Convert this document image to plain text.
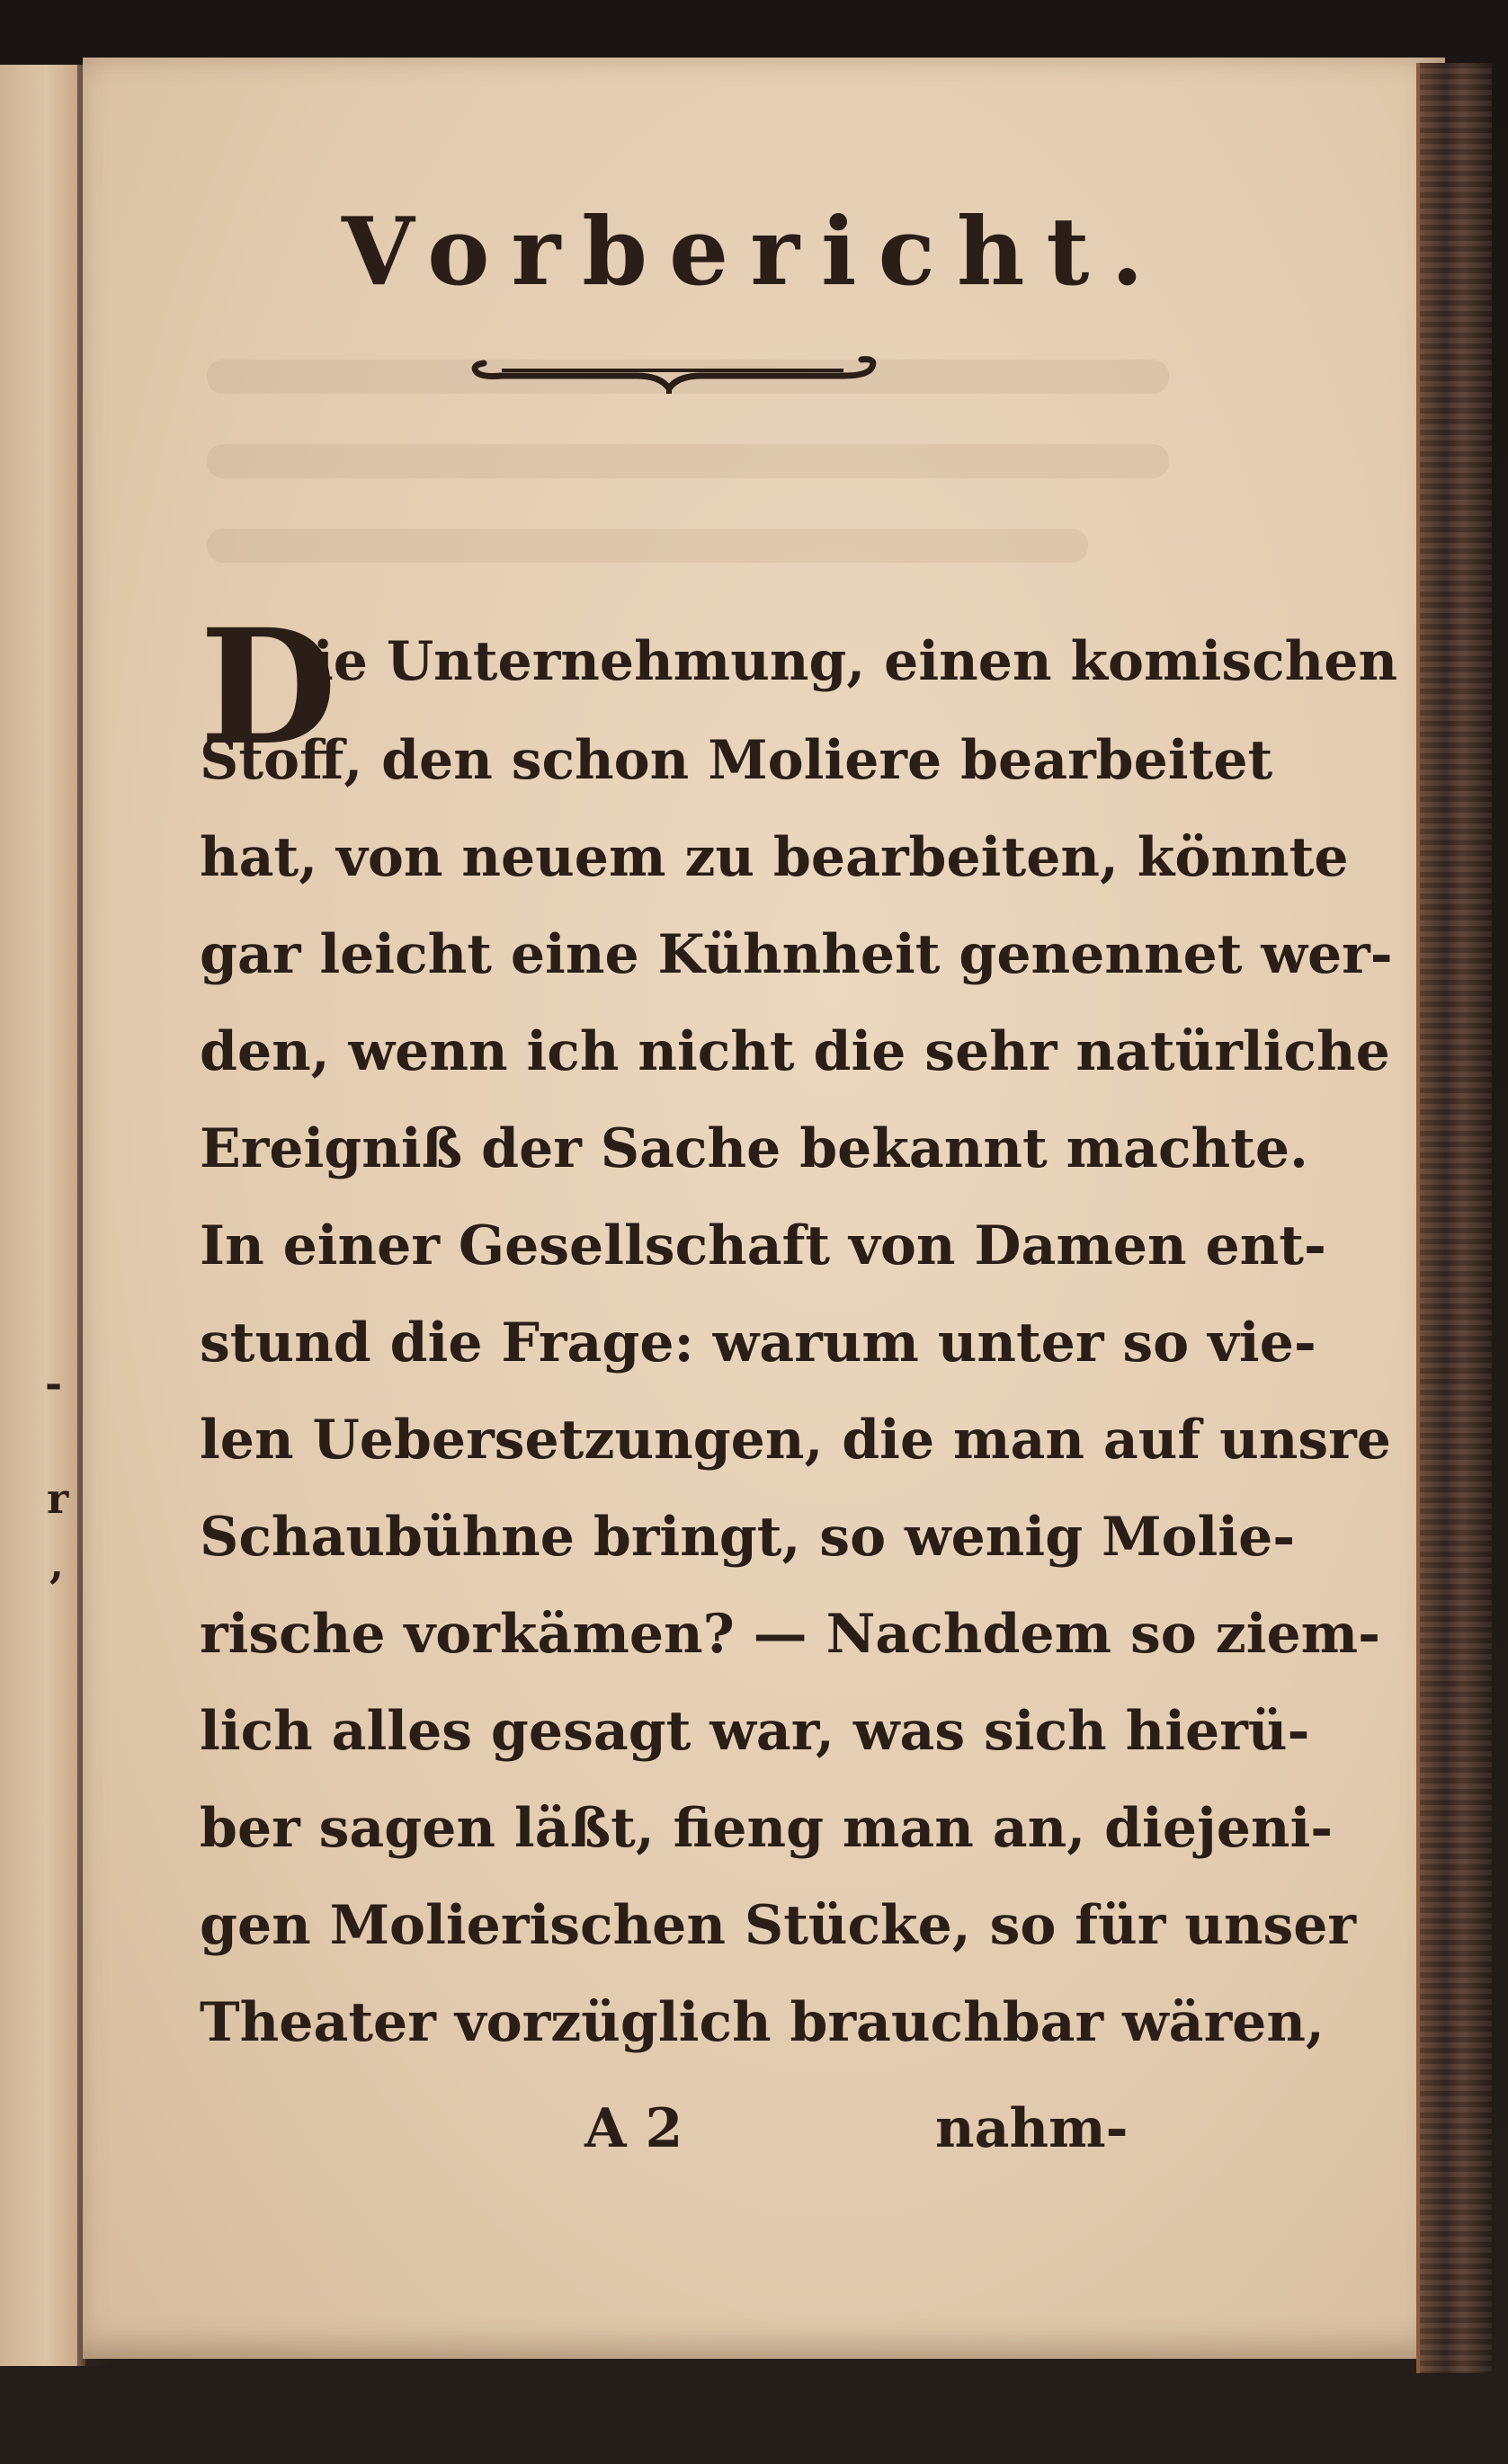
-
r
,
Vorbericht.
D
ie Unternehmung, einen komischen
Stoff, den schon Moliere bearbeitet
hat, von neuem zu bearbeiten, könnte
gar leicht eine Kühnheit genennet wer-
den, wenn ich nicht die sehr natürliche
Ereigniß der Sache bekannt machte.
In einer Gesellschaft von Damen ent-
stund die Frage: warum unter so vie-
len Uebersetzungen, die man auf unsre
Schaubühne bringt, so wenig Molie-
rische vorkämen? — Nachdem so ziem-
lich alles gesagt war, was sich hierü-
ber sagen läßt, fieng man an, diejeni-
gen Molierischen Stücke, so für unser
Theater vorzüglich brauchbar wären,
A 2	nahm-
